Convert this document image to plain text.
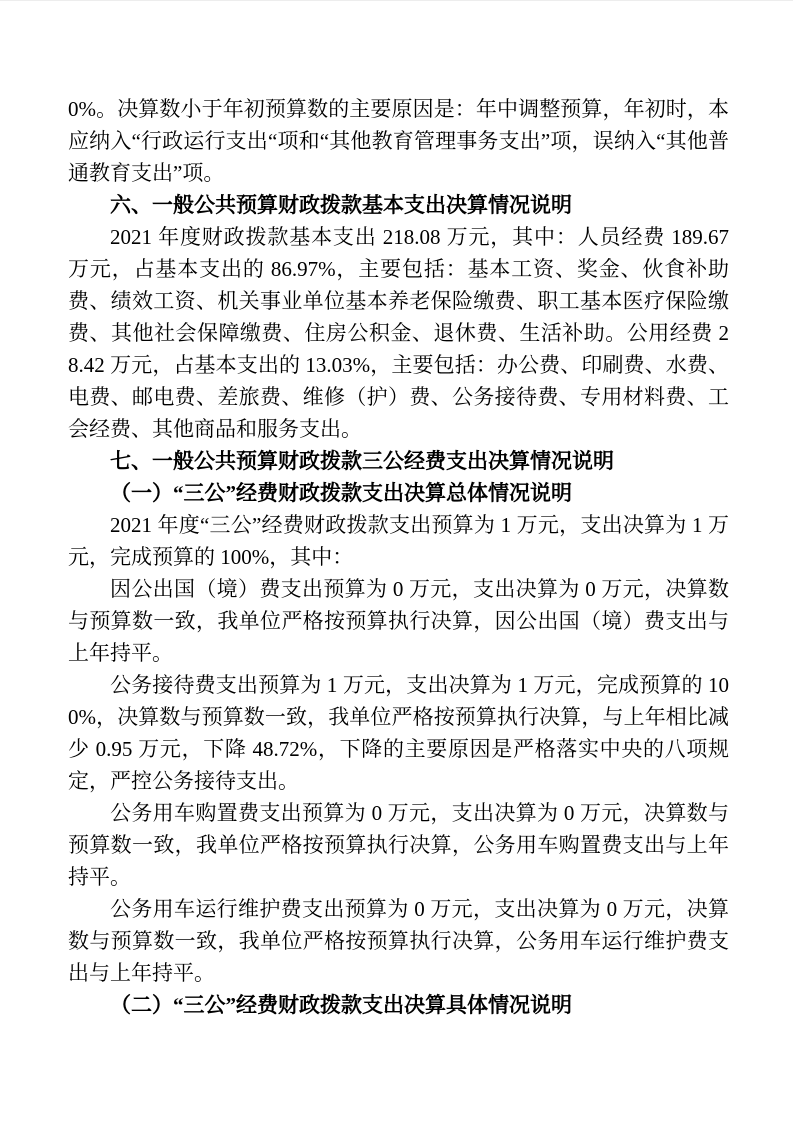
0%。决算数小于年初预算数的主要原因是：年中调整预算，年初时，本应纳入“行政运行支出“项和“其他教育管理事务支出”项，误纳入“其他普通教育支出”项。

六、一般公共预算财政拨款基本支出决算情况说明

2021 年度财政拨款基本支出 218.08 万元，其中：人员经费 189.67 万元，占基本支出的 86.97%，主要包括：基本工资、奖金、伙食补助费、绩效工资、机关事业单位基本养老保险缴费、职工基本医疗保险缴费、其他社会保障缴费、住房公积金、退休费、生活补助。公用经费 28.42 万元，占基本支出的 13.03%，主要包括：办公费、印刷费、水费、电费、邮电费、差旅费、维修（护）费、公务接待费、专用材料费、工会经费、其他商品和服务支出。

七、一般公共预算财政拨款三公经费支出决算情况说明

（一）“三公”经费财政拨款支出决算总体情况说明

2021 年度“三公”经费财政拨款支出预算为 1 万元，支出决算为 1 万元，完成预算的 100%，其中：

因公出国（境）费支出预算为 0 万元，支出决算为 0 万元，决算数与预算数一致，我单位严格按预算执行决算，因公出国（境）费支出与上年持平。

公务接待费支出预算为 1 万元，支出决算为 1 万元，完成预算的 100%，决算数与预算数一致，我单位严格按预算执行决算，与上年相比减少 0.95 万元，下降 48.72%，下降的主要原因是严格落实中央的八项规定，严控公务接待支出。

公务用车购置费支出预算为 0 万元，支出决算为 0 万元，决算数与预算数一致，我单位严格按预算执行决算，公务用车购置费支出与上年持平。

公务用车运行维护费支出预算为 0 万元，支出决算为 0 万元，决算数与预算数一致，我单位严格按预算执行决算，公务用车运行维护费支出与上年持平。

（二）“三公”经费财政拨款支出决算具体情况说明
